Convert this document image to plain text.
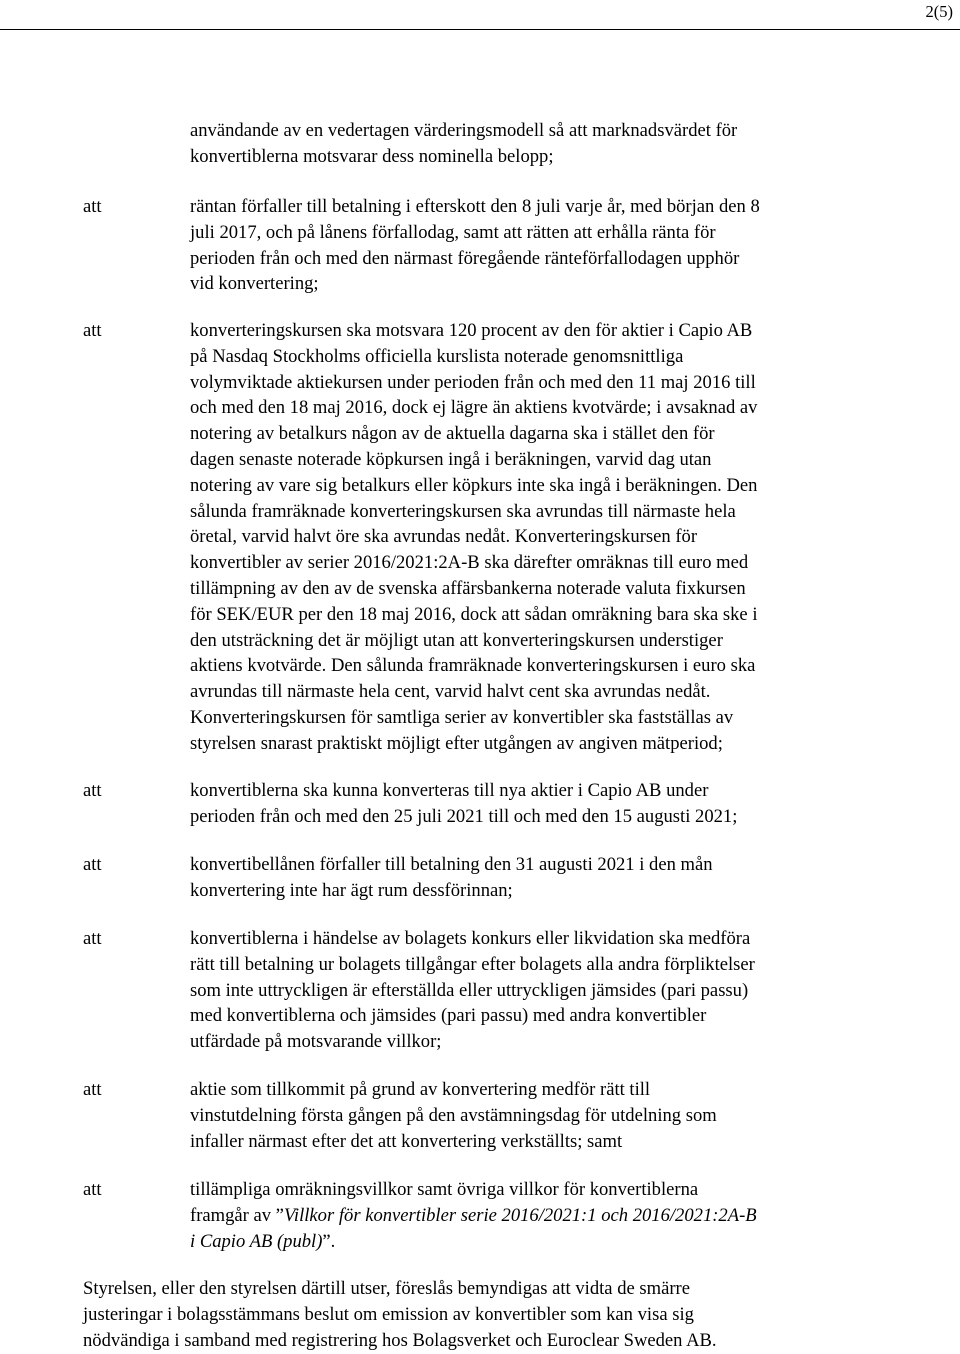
2(5)

användande av en vedertagen värderingsmodell så att marknadsvärdet för
konvertiblerna motsvarar dess nominella belopp;

att	räntan förfaller till betalning i efterskott den 8 juli varje år, med början den 8
juli 2017, och på lånens förfallodag, samt att rätten att erhålla ränta för
perioden från och med den närmast föregående ränteförfallodagen upphör
vid konvertering;

att	konverteringskursen ska motsvara 120 procent av den för aktier i Capio AB
på Nasdaq Stockholms officiella kurslista noterade genomsnittliga
volymviktade aktiekursen under perioden från och med den 11 maj 2016 till
och med den 18 maj 2016, dock ej lägre än aktiens kvotvärde; i avsaknad av
notering av betalkurs någon av de aktuella dagarna ska i stället den för
dagen senaste noterade köpkursen ingå i beräkningen, varvid dag utan
notering av vare sig betalkurs eller köpkurs inte ska ingå i beräkningen. Den
sålunda framräknade konverteringskursen ska avrundas till närmaste hela
öretal, varvid halvt öre ska avrundas nedåt. Konverteringskursen för
konvertibler av serier 2016/2021:2A-B ska därefter omräknas till euro med
tillämpning av den av de svenska affärsbankerna noterade valuta fixkursen
för SEK/EUR per den 18 maj 2016, dock att sådan omräkning bara ska ske i
den utsträckning det är möjligt utan att konverteringskursen understiger
aktiens kvotvärde. Den sålunda framräknade konverteringskursen i euro ska
avrundas till närmaste hela cent, varvid halvt cent ska avrundas nedåt.
Konverteringskursen för samtliga serier av konvertibler ska fastställas av
styrelsen snarast praktiskt möjligt efter utgången av angiven mätperiod;

att	konvertiblerna ska kunna konverteras till nya aktier i Capio AB under
perioden från och med den 25 juli 2021 till och med den 15 augusti 2021;

att	konvertibellånen förfaller till betalning den 31 augusti 2021 i den mån
konvertering inte har ägt rum dessförinnan;

att	konvertiblerna i händelse av bolagets konkurs eller likvidation ska medföra
rätt till betalning ur bolagets tillgångar efter bolagets alla andra förpliktelser
som inte uttryckligen är efterställda eller uttryckligen jämsides (pari passu)
med konvertiblerna och jämsides (pari passu) med andra konvertibler
utfärdade på motsvarande villkor;

att	aktie som tillkommit på grund av konvertering medför rätt till
vinstutdelning första gången på den avstämningsdag för utdelning som
infaller närmast efter det att konvertering verkställts; samt

att	tillämpliga omräkningsvillkor samt övriga villkor för konvertiblerna
framgår av ”Villkor för konvertibler serie 2016/2021:1 och 2016/2021:2A-B
i Capio AB (publ)”.

Styrelsen, eller den styrelsen därtill utser, föreslås bemyndigas att vidta de smärre
justeringar i bolagsstämmans beslut om emission av konvertibler som kan visa sig
nödvändiga i samband med registrering hos Bolagsverket och Euroclear Sweden AB.
